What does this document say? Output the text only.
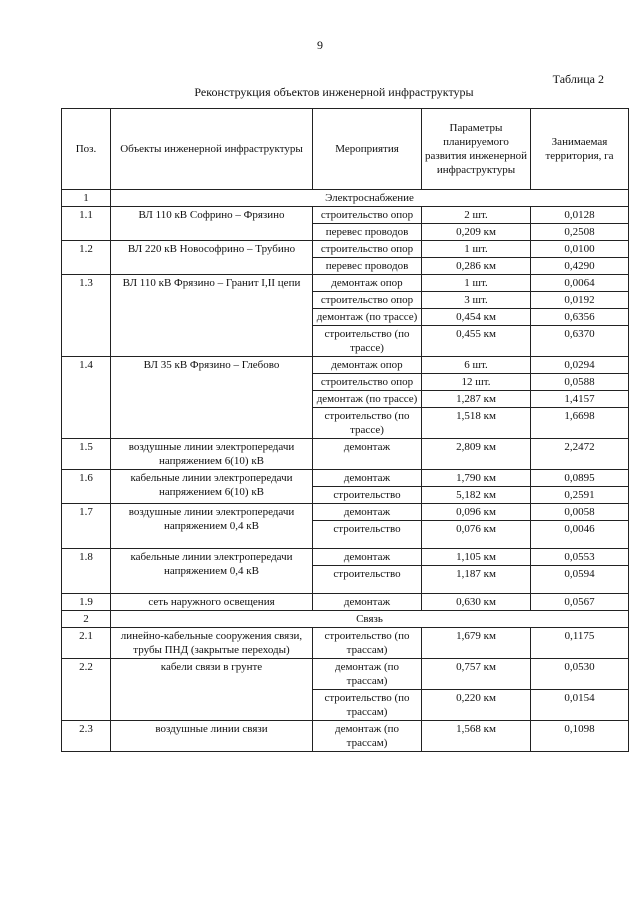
9
Таблица 2
Реконструкция объектов инженерной инфраструктуры
Поз.	Объекты инженерной инфраструктуры	Мероприятия	Параметры планируемого развития инженерной инфраструктуры	Занимаемая территория, га
1	Электроснабжение			
1.1	ВЛ 110 кВ Софрино – Фрязино	строительство опор	2 шт.	0,0128
		перевес проводов	0,209 км	0,2508
1.2	ВЛ 220 кВ Новософрино – Трубино	строительство опор	1 шт.	0,0100
		перевес проводов	0,286 км	0,4290
1.3	ВЛ 110 кВ Фрязино – Гранит I,II цепи	демонтаж опор	1 шт.	0,0064
		строительство опор	3 шт.	0,0192
		демонтаж (по трассе)	0,454 км	0,6356
		строительство (по трассе)	0,455 км	0,6370
1.4	ВЛ 35 кВ Фрязино – Глебово	демонтаж опор	6 шт.	0,0294
		строительство опор	12 шт.	0,0588
		демонтаж (по трассе)	1,287 км	1,4157
		строительство (по трассе)	1,518 км	1,6698
1.5	воздушные линии электропередачи напряжением 6(10) кВ	демонтаж	2,809 км	2,2472
1.6	кабельные линии электропередачи напряжением 6(10) кВ	демонтаж	1,790 км	0,0895
		строительство	5,182 км	0,2591
1.7	воздушные линии электропередачи напряжением 0,4 кВ	демонтаж	0,096 км	0,0058
		строительство	0,076 км	0,0046
1.8	кабельные линии электропередачи напряжением 0,4 кВ	демонтаж	1,105 км	0,0553
		строительство	1,187 км	0,0594
1.9	сеть наружного освещения	демонтаж	0,630 км	0,0567
2	Связь			
2.1	линейно-кабельные сооружения связи, трубы ПНД (закрытые переходы)	строительство (по трассам)	1,679 км	0,1175
2.2	кабели связи в грунте	демонтаж (по трассам)	0,757 км	0,0530
		строительство (по трассам)	0,220 км	0,0154
2.3	воздушные линии связи	демонтаж (по трассам)	1,568 км	0,1098
